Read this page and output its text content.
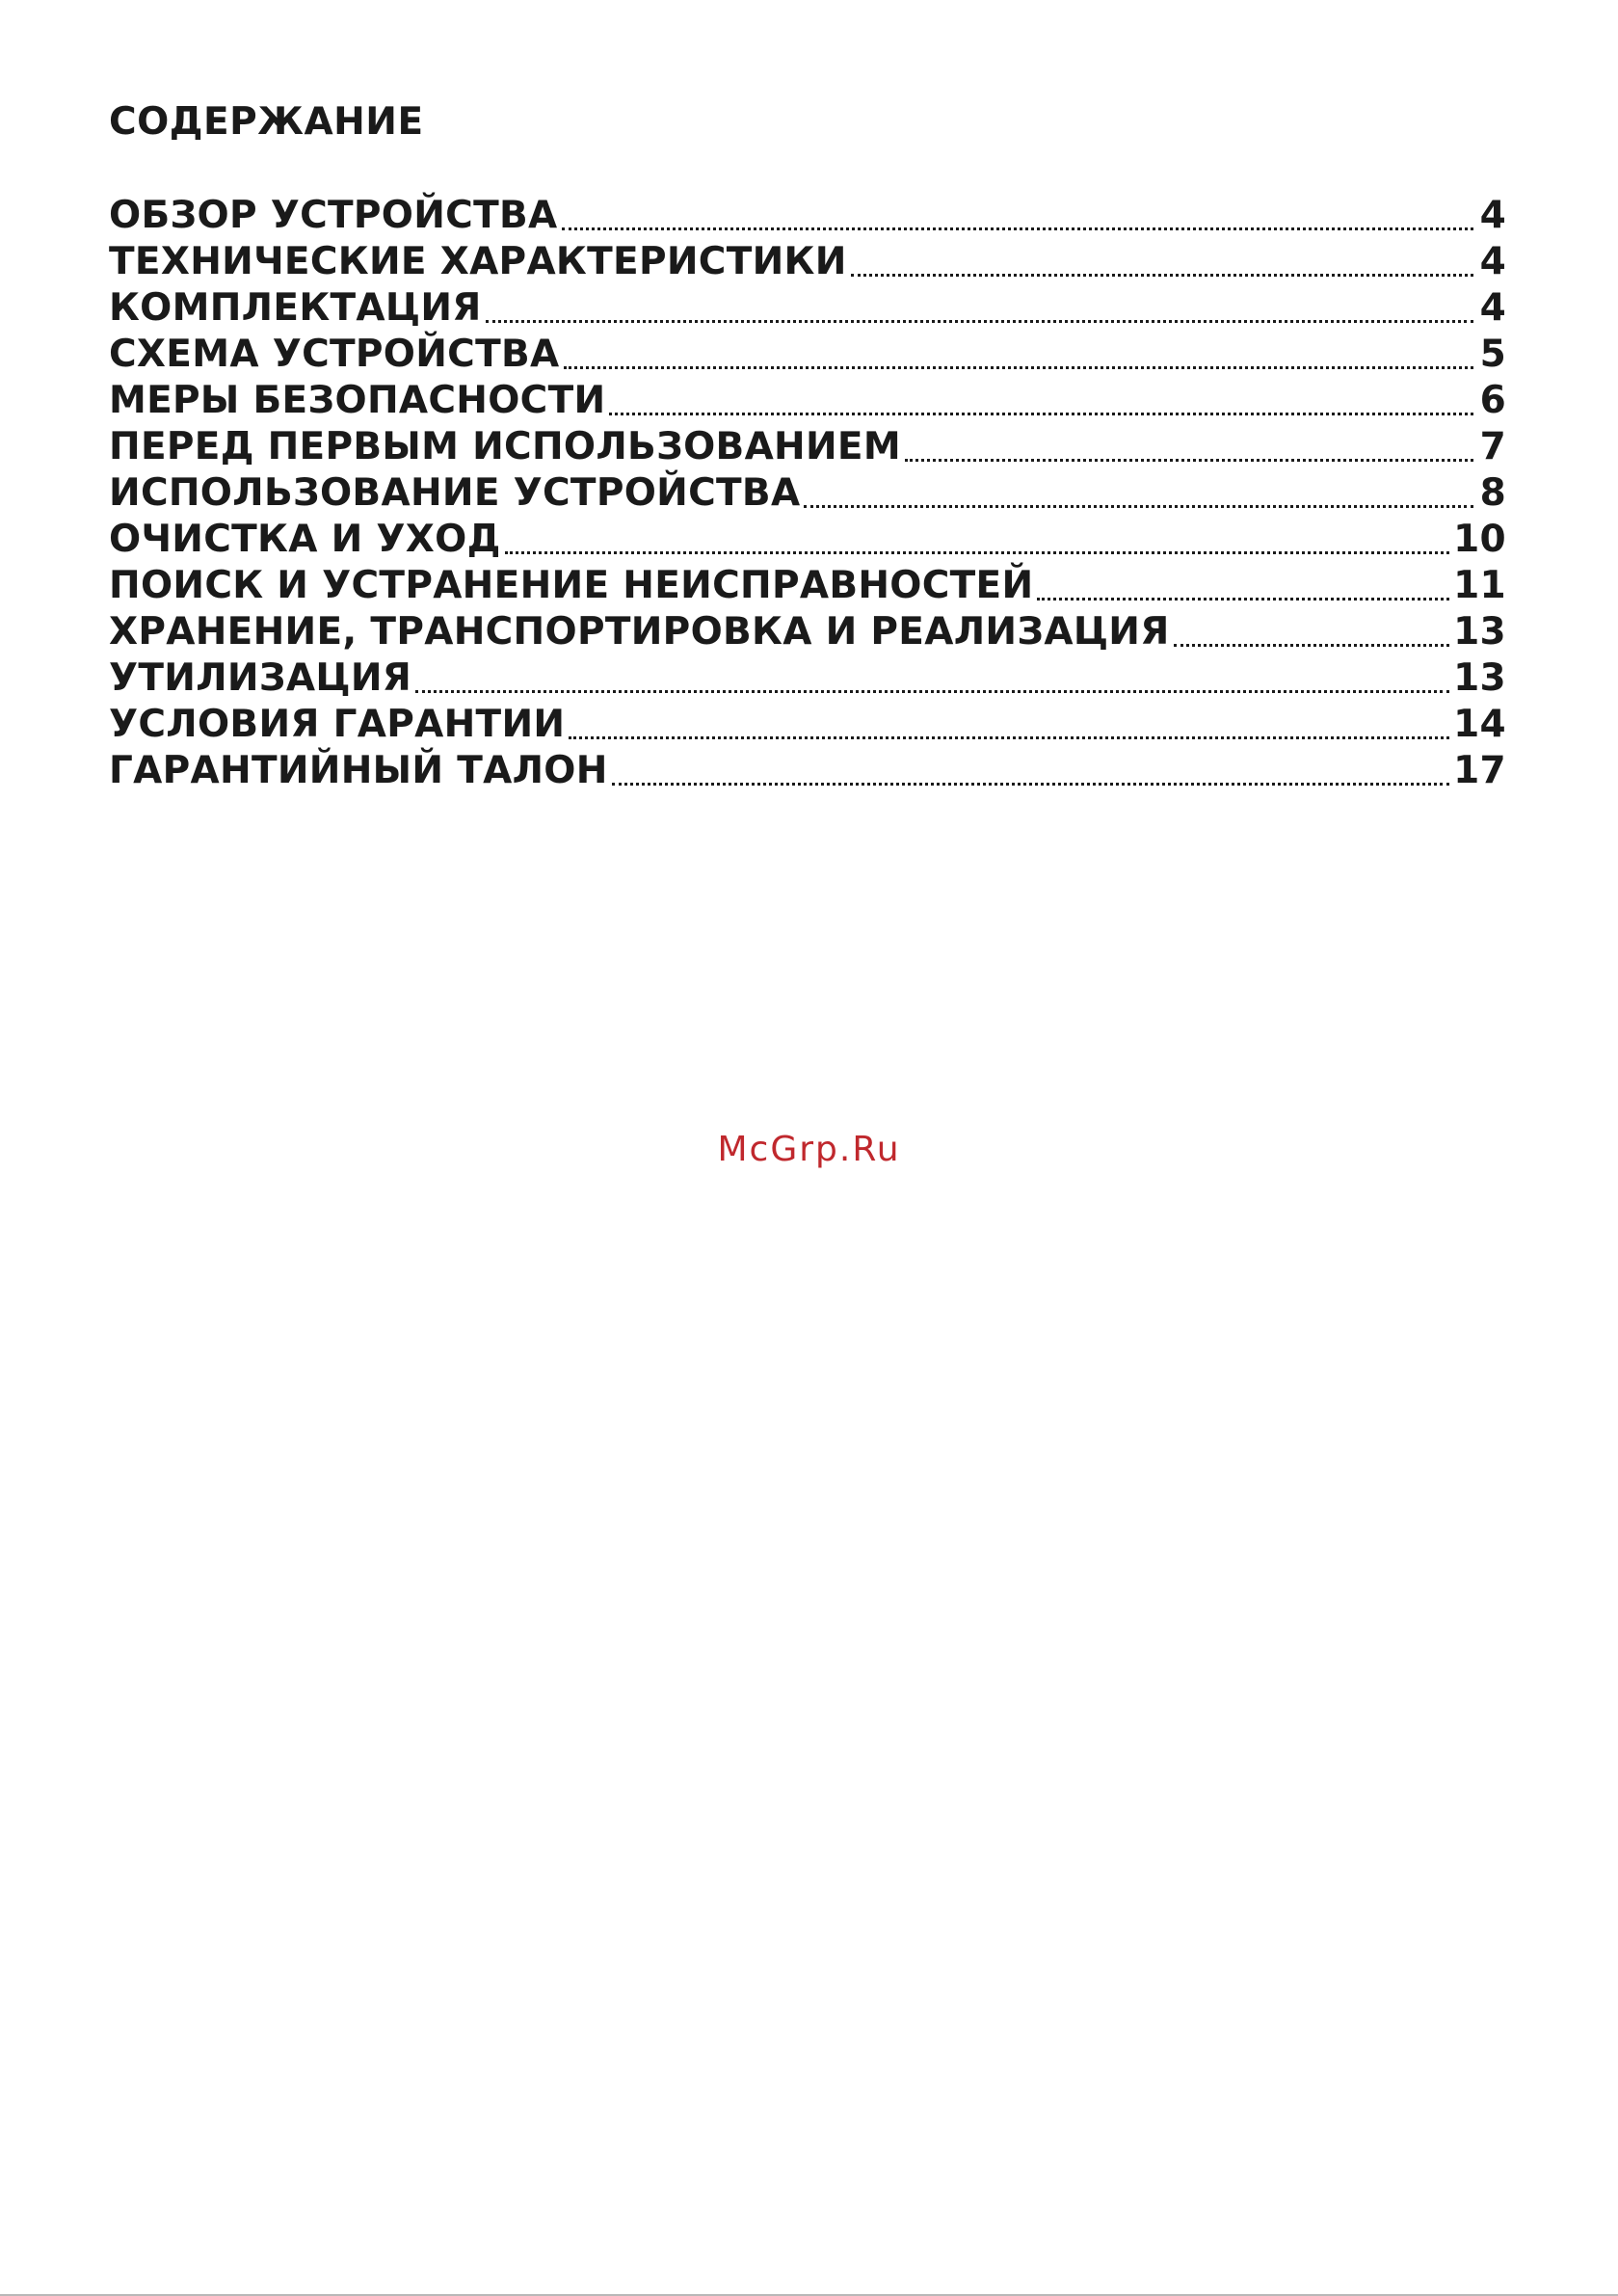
СОДЕРЖАНИЕ
ОБЗОР УСТРОЙСТВА	4
ТЕХНИЧЕСКИЕ ХАРАКТЕРИСТИКИ	4
КОМПЛЕКТАЦИЯ	4
СХЕМА УСТРОЙСТВА	5
МЕРЫ БЕЗОПАСНОСТИ	6
ПЕРЕД ПЕРВЫМ ИСПОЛЬЗОВАНИЕМ	7
ИСПОЛЬЗОВАНИЕ УСТРОЙСТВА	8
ОЧИСТКА И УХОД	10
ПОИСК И УСТРАНЕНИЕ НЕИСПРАВНОСТЕЙ	11
ХРАНЕНИЕ, ТРАНСПОРТИРОВКА И РЕАЛИЗАЦИЯ	13
УТИЛИЗАЦИЯ	13
УСЛОВИЯ ГАРАНТИИ	14
ГАРАНТИЙНЫЙ ТАЛОН	17
McGrp.Ru
